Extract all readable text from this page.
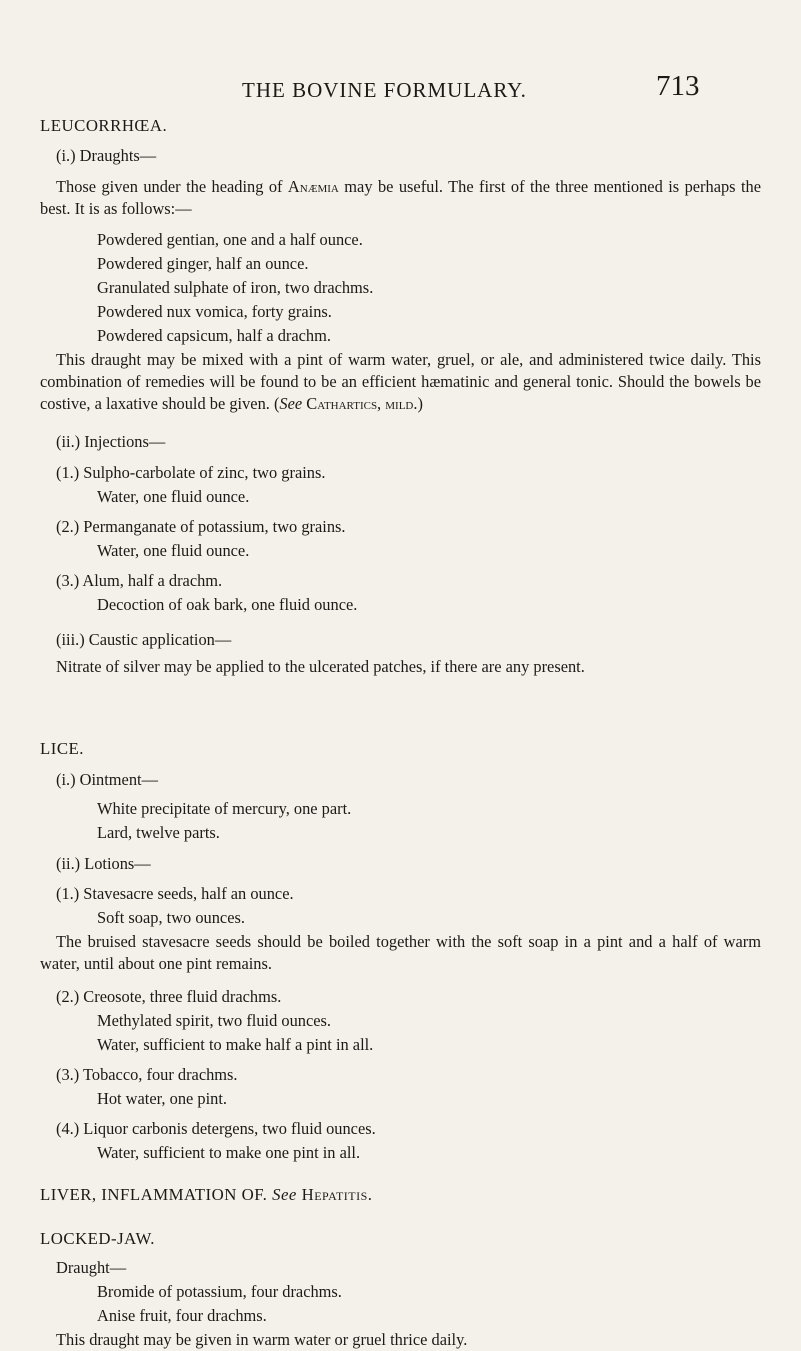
THE BOVINE FORMULARY.	713
LEUCORRHŒA.
(i.) Draughts—
Those given under the heading of Anæmia may be useful. The first of the three mentioned is perhaps the best. It is as follows:—
Powdered gentian, one and a half ounce.
Powdered ginger, half an ounce.
Granulated sulphate of iron, two drachms.
Powdered nux vomica, forty grains.
Powdered capsicum, half a drachm.
This draught may be mixed with a pint of warm water, gruel, or ale, and administered twice daily. This combination of remedies will be found to be an efficient hæmatinic and general tonic. Should the bowels be costive, a laxative should be given. (See Cathartics, mild.)
(ii.) Injections—
(1.) Sulpho-carbolate of zinc, two grains.
Water, one fluid ounce.
(2.) Permanganate of potassium, two grains.
Water, one fluid ounce.
(3.) Alum, half a drachm.
Decoction of oak bark, one fluid ounce.
(iii.) Caustic application—
Nitrate of silver may be applied to the ulcerated patches, if there are any present.
LICE.
(i.) Ointment—
White precipitate of mercury, one part.
Lard, twelve parts.
(ii.) Lotions—
(1.) Stavesacre seeds, half an ounce.
Soft soap, two ounces.
The bruised stavesacre seeds should be boiled together with the soft soap in a pint and a half of warm water, until about one pint remains.
(2.) Creosote, three fluid drachms.
Methylated spirit, two fluid ounces.
Water, sufficient to make half a pint in all.
(3.) Tobacco, four drachms.
Hot water, one pint.
(4.) Liquor carbonis detergens, two fluid ounces.
Water, sufficient to make one pint in all.
LIVER, INFLAMMATION OF. See Hepatitis.
LOCKED-JAW.
Draught—
Bromide of potassium, four drachms.
Anise fruit, four drachms.
This draught may be given in warm water or gruel thrice daily.
